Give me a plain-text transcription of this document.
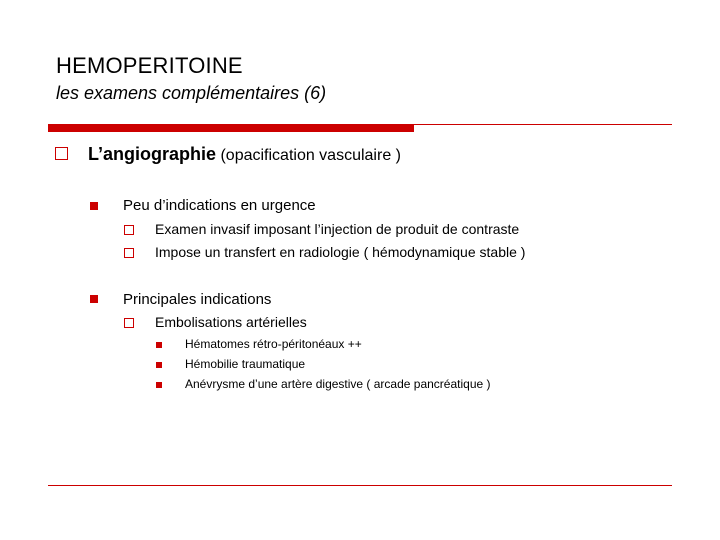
HEMOPERITOINE
les examens complémentaires (6)
L’angiographie (opacification vasculaire )
Peu d’indications en urgence
Examen invasif imposant l’injection de produit de contraste
Impose un transfert en radiologie ( hémodynamique stable )
Principales indications
Embolisations artérielles
Hématomes rétro-péritonéaux ++
Hémobilie traumatique
Anévrysme d’une artère digestive ( arcade pancréatique )
